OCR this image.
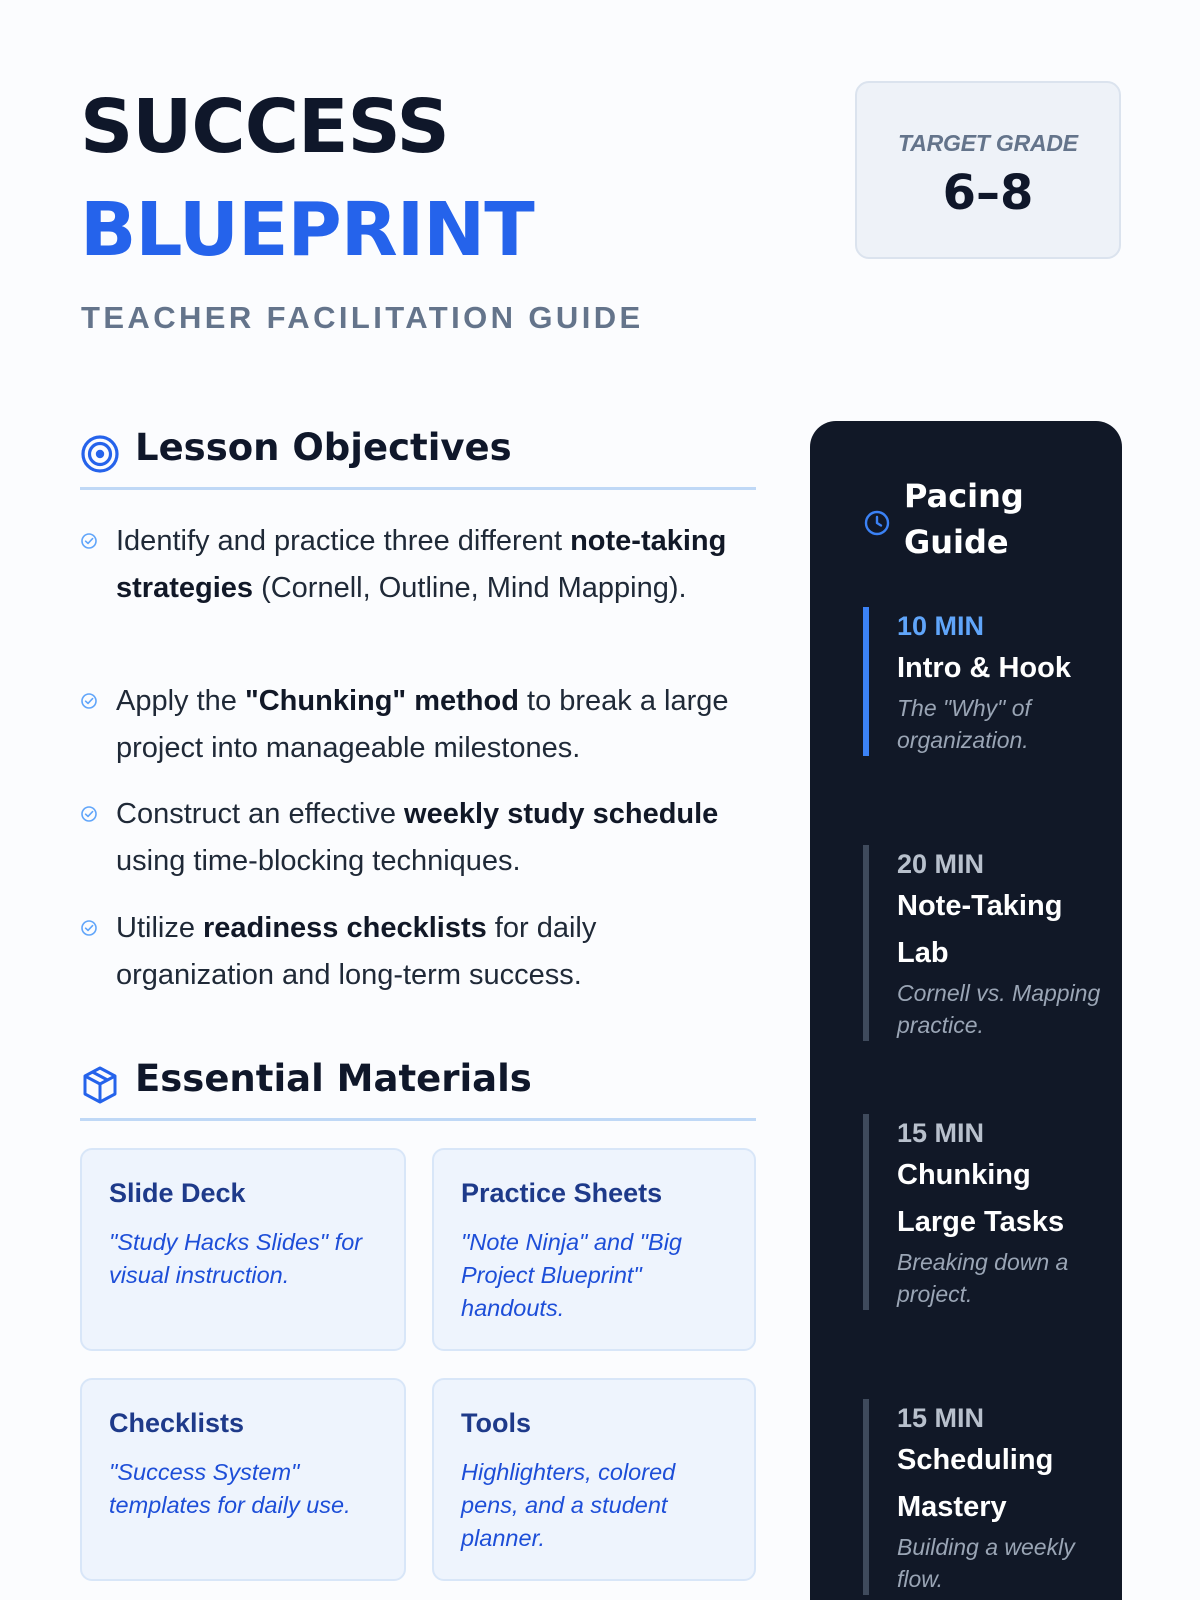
SUCCESS
BLUEPRINT
TEACHER FACILITATION GUIDE
TARGET GRADE
6–8
Lesson Objectives
Identify and practice three different note-taking strategies (Cornell, Outline, Mind Mapping).
Apply the "Chunking" method to break a large project into manageable milestones.
Construct an effective weekly study schedule using time-blocking techniques.
Utilize readiness checklists for daily organization and long-term success.
Essential Materials
Slide Deck
"Study Hacks Slides" for visual instruction.
Practice Sheets
"Note Ninja" and "Big Project Blueprint" handouts.
Checklists
"Success System" templates for daily use.
Tools
Highlighters, colored pens, and a student planner.
Pacing Guide
10 MIN
Intro & Hook
The "Why" of organization.
20 MIN
Note-Taking Lab
Cornell vs. Mapping practice.
15 MIN
Chunking Large Tasks
Breaking down a project.
15 MIN
Scheduling Mastery
Building a weekly flow.
